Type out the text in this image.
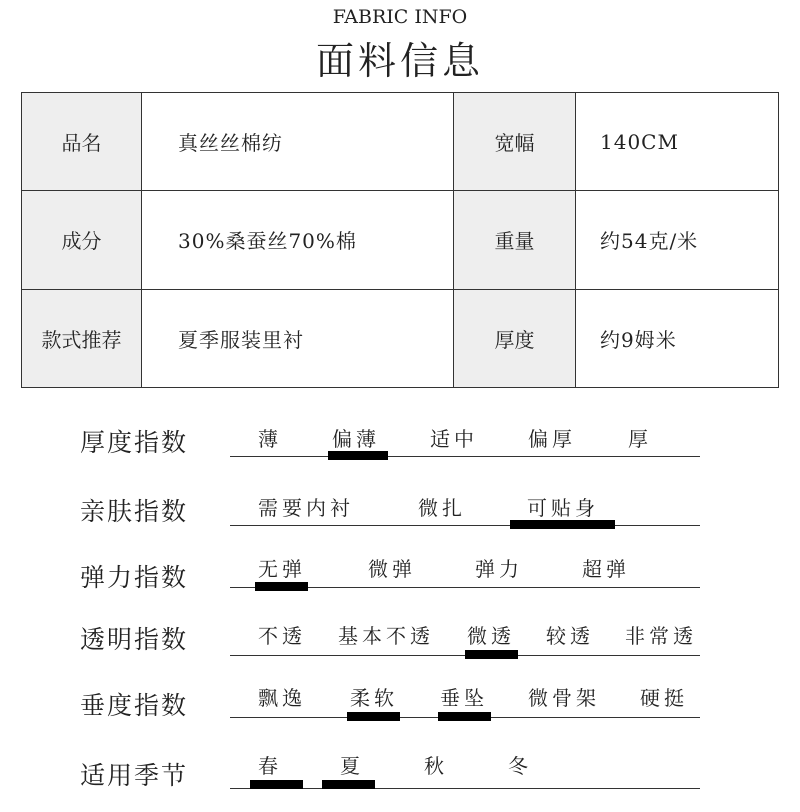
FABRIC INFO
面料信息
品名	真丝丝棉纺	宽幅	140CM
成分	30%桑蚕丝70%棉	重量	约54克/米
款式推荐	夏季服装里衬	厚度	约9姆米
厚度指数	薄	偏薄	适中	偏厚	厚
亲肤指数	需要内衬	微扎	可贴身
弹力指数	无弹	微弹	弹力	超弹
透明指数	不透 基本不透 微透 较透 非常透
垂度指数	飘逸 柔软 垂坠 微骨架 硬挺
适用季节	春	夏	秋	冬
